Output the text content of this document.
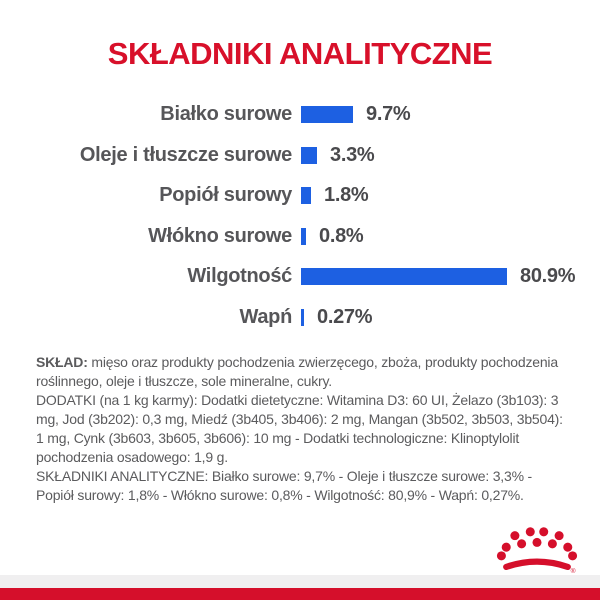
SKŁADNIKI ANALITYCZNE
Białko surowe	9.7%
Oleje i tłuszcze surowe 3.3%
Popiół surowy 1.8%
Włókno surowe 0.8%
Wilgotność	80.9%
Wapń 0.27%

SKŁAD: mięso oraz produkty pochodzenia zwierzęcego, zboża, produkty pochodzenia roślinnego, oleje i tłuszcze, sole mineralne, cukry.

DODATKI (na 1 kg karmy): Dodatki dietetyczne: Witamina D3: 60 UI, Żelazo (3b103): 3 mg, Jod (3b202): 0,3 mg, Miedź (3b405, 3b406): 2 mg, Mangan (3b502, 3b503, 3b504): 1 mg, Cynk (3b603, 3b605, 3b606): 10 mg - Dodatki technologiczne: Klinoptylolit pochodzenia osadowego: 1,9 g.

SKŁADNIKI ANALITYCZNE: Białko surowe: 9,7% - Oleje i tłuszcze surowe: 3,3% - Popiół surowy: 1,8% - Włókno surowe: 0,8% - Wilgotność: 80,9% - Wapń: 0,27%.

®
